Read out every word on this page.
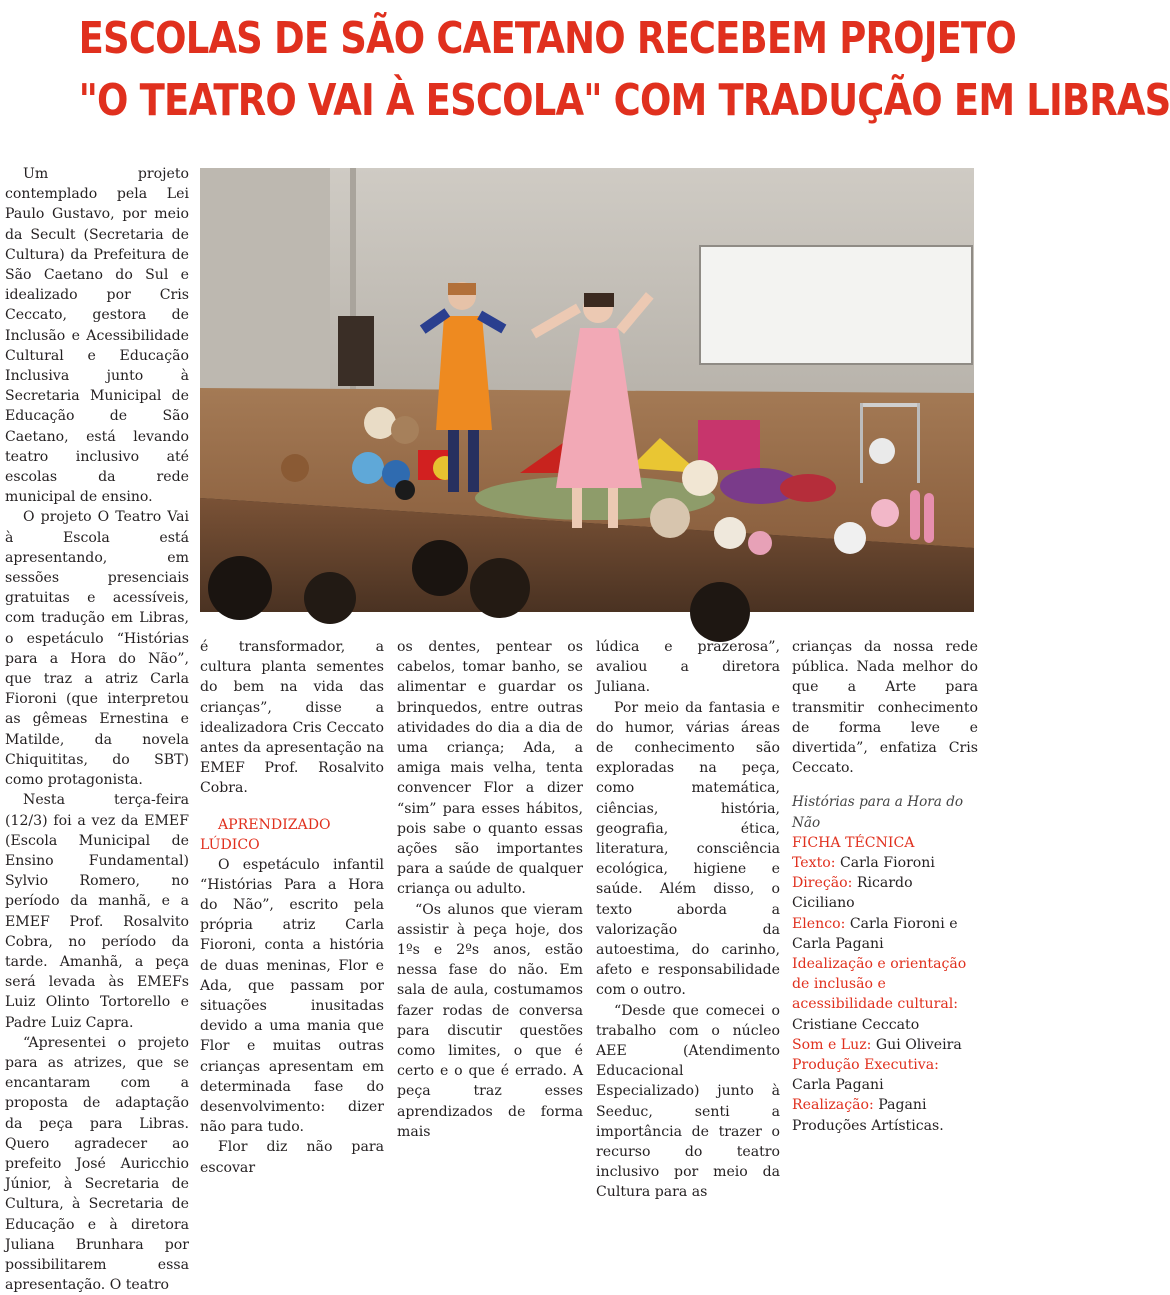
ESCOLAS DE SÃO CAETANO RECEBEM PROJETO
"O TEATRO VAI À ESCOLA" COM TRADUÇÃO EM LIBRAS

Um projeto contemplado pela Lei Paulo Gustavo, por meio da Secult (Secretaria de Cultura) da Prefeitura de São Caetano do Sul e idealizado por Cris Ceccato, gestora de Inclusão e Acessibilidade Cultural e Educação Inclusiva junto à Secretaria Municipal de Educação de São Caetano, está levando teatro inclusivo até escolas da rede municipal de ensino.

O projeto O Teatro Vai à Escola está apresentando, em sessões presenciais gratuitas e acessíveis, com tradução em Libras, o espetáculo “Histórias para a Hora do Não”, que traz a atriz Carla Fioroni (que interpretou as gêmeas Ernestina e Matilde, da novela Chiquititas, do SBT) como protagonista.

Nesta terça-feira (12/3) foi a vez da EMEF (Escola Municipal de Ensino Fundamental) Sylvio Romero, no período da manhã, e a EMEF Prof. Rosalvito Cobra, no período da tarde. Amanhã, a peça será levada às EMEFs Luiz Olinto Tortorello e Padre Luiz Capra.

“Apresentei o projeto para as atrizes, que se encantaram com a proposta de adaptação da peça para Libras. Quero agradecer ao prefeito José Auricchio Júnior, à Secretaria de Cultura, à Secretaria de Educação e à diretora Juliana Brunhara por possibilitarem essa apresentação. O teatro

é transformador, a cultura planta sementes do bem na vida das crianças”, disse a idealizadora Cris Ceccato antes da apresentação na EMEF Prof. Rosalvito Cobra.

APRENDIZADO LÚDICO

O espetáculo infantil “Histórias Para a Hora do Não”, escrito pela própria atriz Carla Fioroni, conta a história de duas meninas, Flor e Ada, que passam por situações inusitadas devido a uma mania que Flor e muitas outras crianças apresentam em determinada fase do desenvolvimento: dizer não para tudo.

Flor diz não para escovar

os dentes, pentear os cabelos, tomar banho, se alimentar e guardar os brinquedos, entre outras atividades do dia a dia de uma criança; Ada, a amiga mais velha, tenta convencer Flor a dizer “sim” para esses hábitos, pois sabe o quanto essas ações são importantes para a saúde de qualquer criança ou adulto.

“Os alunos que vieram assistir à peça hoje, dos 1ºs e 2ºs anos, estão nessa fase do não. Em sala de aula, costumamos fazer rodas de conversa para discutir questões como limites, o que é certo e o que é errado. A peça traz esses aprendizados de forma mais

lúdica e prazerosa”, avaliou a diretora Juliana.

Por meio da fantasia e do humor, várias áreas de conhecimento são exploradas na peça, como matemática, ciências, história, geografia, ética, literatura, consciência ecológica, higiene e saúde. Além disso, o texto aborda a valorização da autoestima, do carinho, afeto e responsabilidade com o outro.

“Desde que comecei o trabalho com o núcleo AEE (Atendimento Educacional Especializado) junto à Seeduc, senti a importância de trazer o recurso do teatro inclusivo por meio da Cultura para as

crianças da nossa rede pública. Nada melhor do que a Arte para transmitir conhecimento de forma leve e divertida”, enfatiza Cris Ceccato.

Histórias para a Hora do Não

FICHA TÉCNICA

Texto: Carla Fioroni

Direção: Ricardo Ciciliano

Elenco: Carla Fioroni e Carla Pagani

Idealização e orientação de inclusão e acessibilidade cultural: Cristiane Ceccato

Som e Luz: Gui Oliveira

Produção Executiva: Carla Pagani

Realização: Pagani Produções Artísticas.
